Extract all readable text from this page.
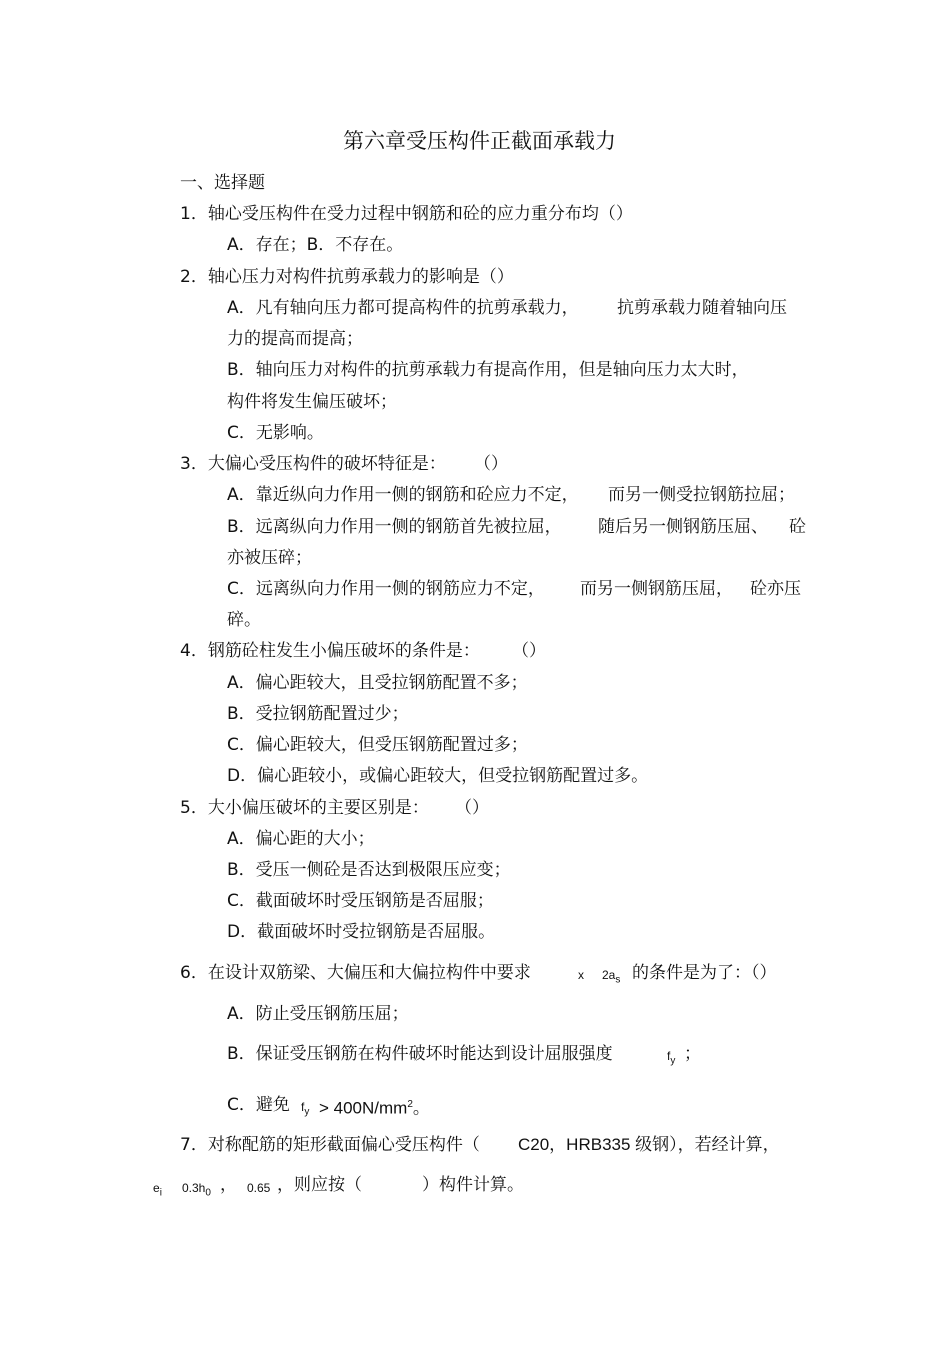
第六章受压构件正截面承载力
一、选择题
1．轴心受压构件在受力过程中钢筋和砼的应力重分布均（）
A．存在；B．不存在。
2．轴心压力对构件抗剪承载力的影响是（）
A．凡有轴向压力都可提高构件的抗剪承载力， 抗剪承载力随着轴向压
力的提高而提高；
B．轴向压力对构件的抗剪承载力有提高作用，但是轴向压力太大时，
构件将发生偏压破坏；
C．无影响。
3．大偏心受压构件的破坏特征是： （）
A．靠近纵向力作用一侧的钢筋和砼应力不定， 而另一侧受拉钢筋拉屈；
B．远离纵向力作用一侧的钢筋首先被拉屈， 随后另一侧钢筋压屈、 砼
亦被压碎；
C．远离纵向力作用一侧的钢筋应力不定， 而另一侧钢筋压屈， 砼亦压
碎。
4．钢筋砼柱发生小偏压破坏的条件是： （）
A．偏心距较大，且受拉钢筋配置不多；
B．受拉钢筋配置过少；
C．偏心距较大，但受压钢筋配置过多；
D．偏心距较小，或偏心距较大，但受拉钢筋配置过多。
5．大小偏压破坏的主要区别是： （）
A．偏心距的大小；
B．受压一侧砼是否达到极限压应变；
C．截面破坏时受压钢筋是否屈服；
D．截面破坏时受拉钢筋是否屈服。
6．在设计双筋梁、大偏压和大偏拉构件中要求	x $2a_s$ 的条件是为了：（）
A．防止受压钢筋压屈；
B．保证受压钢筋在构件破坏时能达到设计屈服强度	$f_y$ ；
C．避免 $f_y > 400N/mm^2$。
7．对称配筋的矩形截面偏心受压构件（ C20，HRB335 级钢），若经计算，
$e_i$ $0.3h_0$ ， 0.65 ，则应按（	）构件计算。
